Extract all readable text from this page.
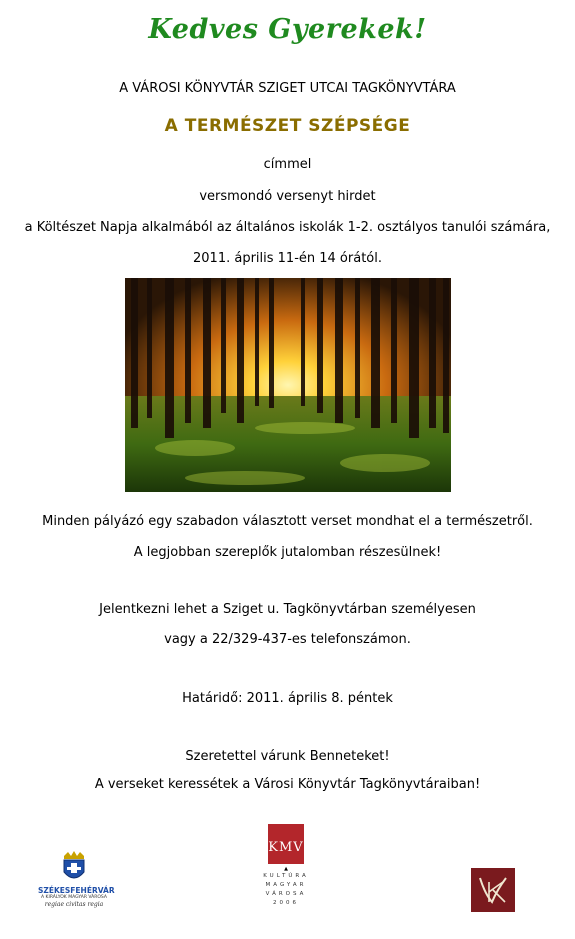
Kedves Gyerekek!
A VÁROSI KÖNYVTÁR SZIGET UTCAI TAGKÖNYVTÁRA
A TERMÉSZET SZÉPSÉGE
címmel
versmondó versenyt hirdet
a Költészet Napja alkalmából az általános iskolák 1-2. osztályos tanulói számára,
2011. április 11-én 14 órától.
Minden pályázó egy szabadon választott verset mondhat el a természetről.
A legjobban szereplők jutalomban részesülnek!
Jelentkezni lehet a Sziget u. Tagkönyvtárban személyesen
vagy a 22/329-437-es telefonszámon.
Határidő: 2011. április 8. péntek
Szeretettel várunk Benneteket!
A verseket keressétek a Városi Könyvtár Tagkönyvtáraiban!
SZÉKESFEHÉRVÁR
A KIRÁLYOK MAGYAR VÁROSA
regiae civitas regia
KMV
▲
KULTÚRA
MAGYAR
VÁROSA
2006
